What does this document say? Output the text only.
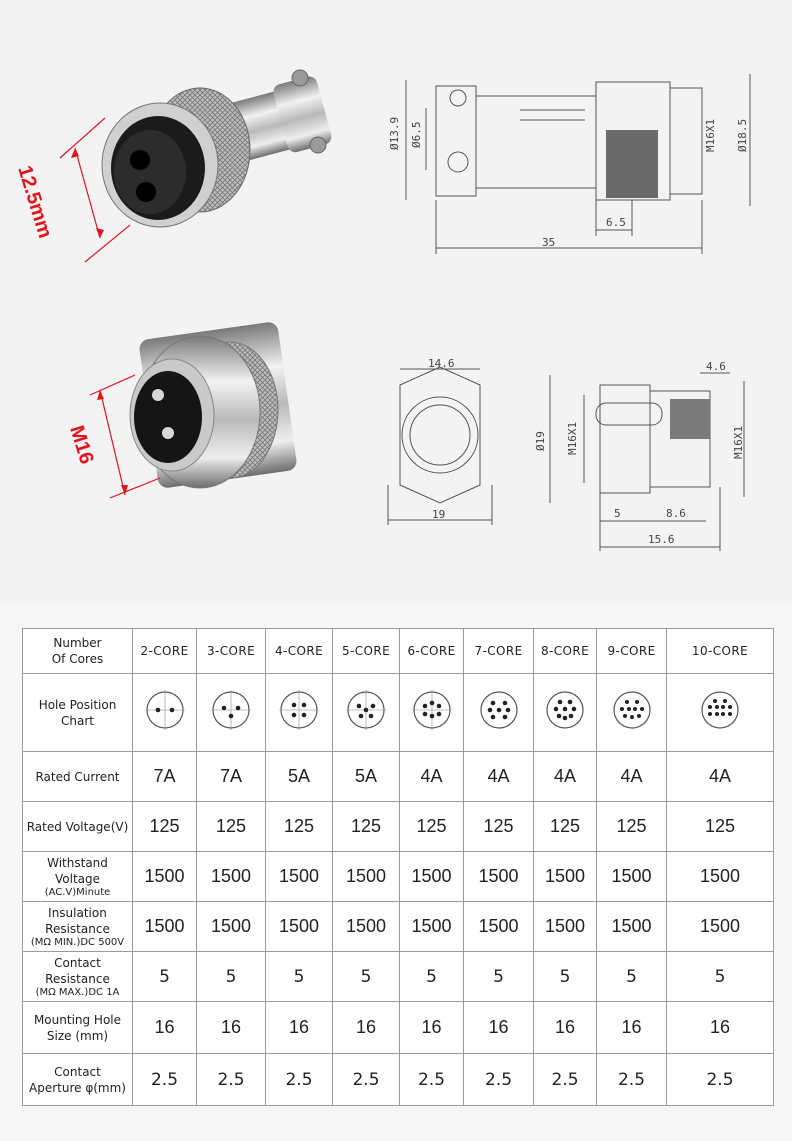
12.5mm
M16
Ø13.9 Ø6.5	M16X1 Ø18.5
6.5
35
14.6
19
Ø19 M16X1	M16X1
4.6
5	8.6
15.6
Number
Of Cores	2-CORE	3-CORE	4-CORE	5-CORE	6-CORE	7-CORE	8-CORE	9-CORE	10-CORE
Hole Position
Chart									
Rated Current	7A	7A	5A	5A	4A	4A	4A	4A	4A
Rated Voltage(V)	125	125	125	125	125	125	125	125	125
Withstand
Voltage
(AC.V)Minute	1500	1500	1500	1500	1500	1500	1500	1500	1500
Insulation
Resistance
(MΩ MIN.)DC 500V	1500	1500	1500	1500	1500	1500	1500	1500	1500
Contact
Resistance
(MΩ MAX.)DC 1A	5	5	5	5	5	5	5	5	5
Mounting Hole
Size (mm)	16	16	16	16	16	16	16	16	16
Contact
Aperture φ(mm)	2.5	2.5	2.5	2.5	2.5	2.5	2.5	2.5	2.5
